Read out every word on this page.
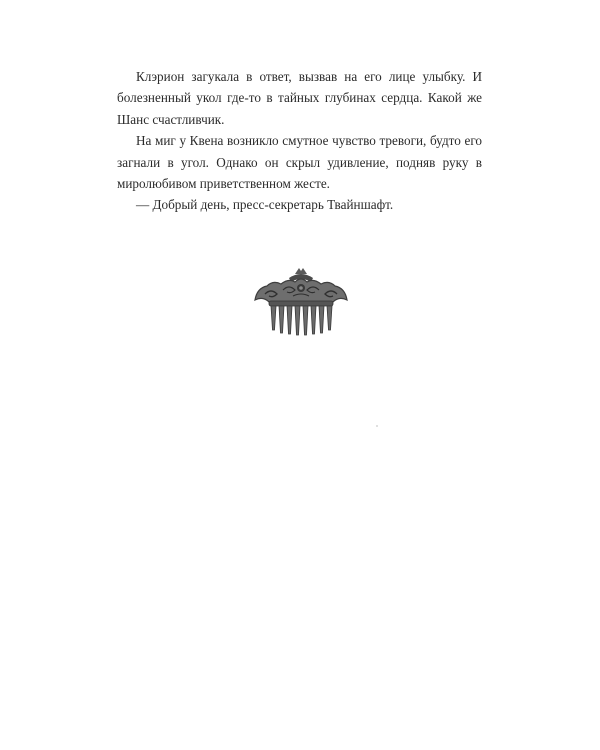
Клэрион загукала в ответ, вызвав на его лице улыбку. И болезненный укол где-то в тайных глубинах сердца. Какой же Шанс счастливчик.

На миг у Квена возникло смутное чувство тревоги, будто его загнали в угол. Однако он скрыл удивление, подняв руку в миролюбивом приветственном жесте.

— Добрый день, пресс-секретарь Твайншафт.
